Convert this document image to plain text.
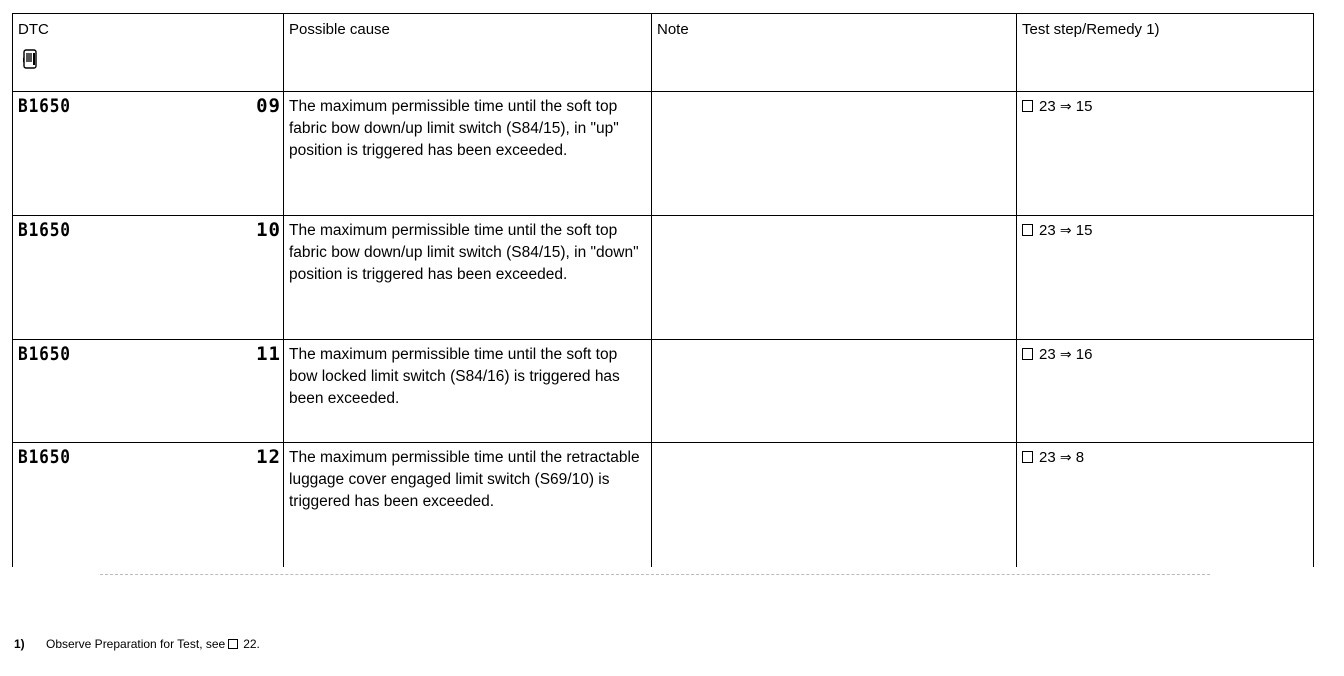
DTC	Possible cause	Note	Test step/Remedy 1)
B1650 09	The maximum permissible time until the soft top fabric bow down/up limit switch (S84/15), in "up" position is triggered has been exceeded.		23 ⇒ 15
B1650 10	The maximum permissible time until the soft top fabric bow down/up limit switch (S84/15), in "down" position is triggered has been exceeded.		23 ⇒ 15
B1650 11	The maximum permissible time until the soft top bow locked limit switch (S84/16) is triggered has been exceeded.		23 ⇒ 16
B1650 12	The maximum permissible time until the retractable luggage cover engaged limit switch (S69/10) is triggered has been exceeded.		23 ⇒ 8
1) Observe Preparation for Test, see 22.
